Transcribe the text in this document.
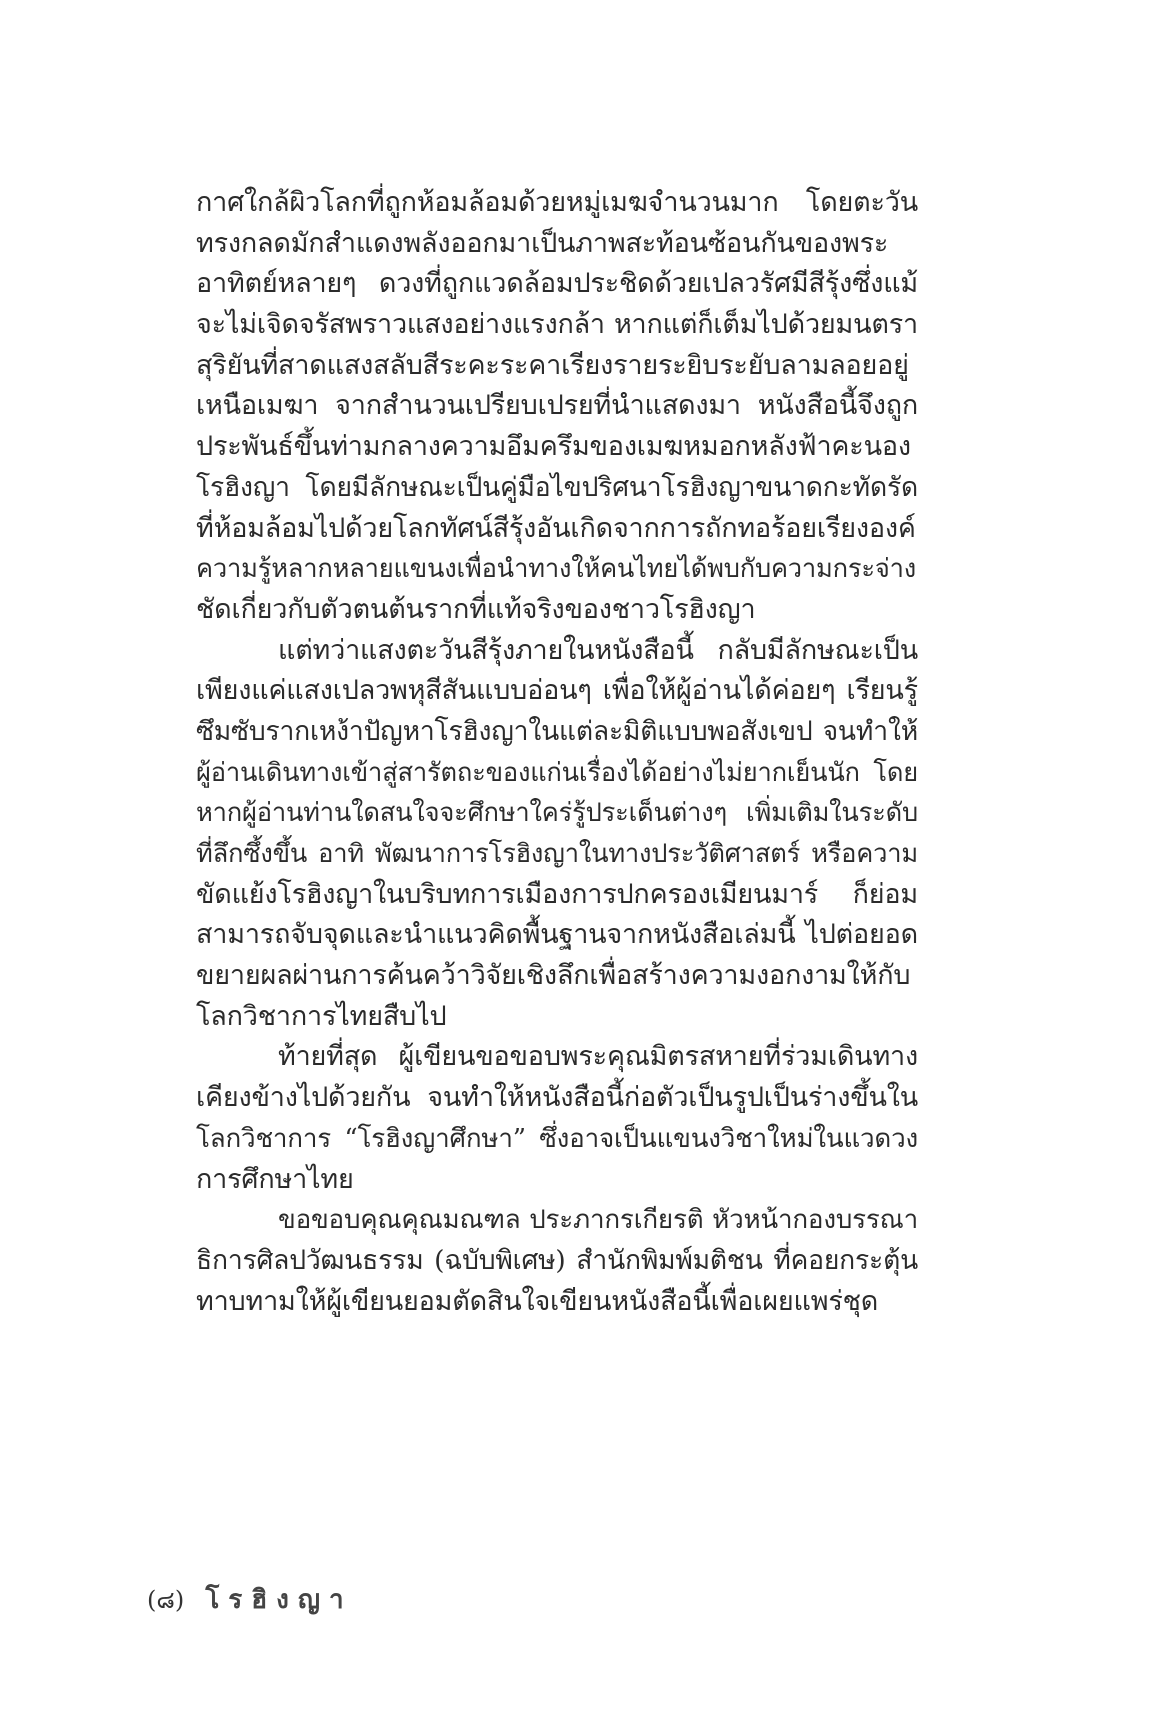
กาศใกล้ผิวโลกที่ถูกห้อมล้อมด้วยหมู่เมฆจำนวนมาก โดยตะวัน
ทรงกลดมักสำแดงพลังออกมาเป็นภาพสะท้อนซ้อนกันของพระ
อาทิตย์หลายๆ ดวงที่ถูกแวดล้อมประชิดด้วยเปลวรัศมีสีรุ้งซึ่งแม้
จะไม่เจิดจรัสพราวแสงอย่างแรงกล้า หากแต่ก็เต็มไปด้วยมนตรา
สุริยันที่สาดแสงสลับสีระคะระคาเรียงรายระยิบระยับลามลอยอยู่
เหนือเมฆา จากสำนวนเปรียบเปรยที่นำแสดงมา หนังสือนี้จึงถูก
ประพันธ์ขึ้นท่ามกลางความอึมครึมของเมฆหมอกหลังฟ้าคะนอง
โรฮิงญา โดยมีลักษณะเป็นคู่มือไขปริศนาโรฮิงญาขนาดกะทัดรัด
ที่ห้อมล้อมไปด้วยโลกทัศน์สีรุ้งอันเกิดจากการถักทอร้อยเรียงองค์
ความรู้หลากหลายแขนงเพื่อนำทางให้คนไทยได้พบกับความกระจ่าง
ชัดเกี่ยวกับตัวตนต้นรากที่แท้จริงของชาวโรฮิงญา
แต่ทว่าแสงตะวันสีรุ้งภายในหนังสือนี้ กลับมีลักษณะเป็น
เพียงแค่แสงเปลวพหุสีสันแบบอ่อนๆ เพื่อให้ผู้อ่านได้ค่อยๆ เรียนรู้
ซึมซับรากเหง้าปัญหาโรฮิงญาในแต่ละมิติแบบพอสังเขป จนทำให้
ผู้อ่านเดินทางเข้าสู่สารัตถะของแก่นเรื่องได้อย่างไม่ยากเย็นนัก โดย
หากผู้อ่านท่านใดสนใจจะศึกษาใคร่รู้ประเด็นต่างๆ เพิ่มเติมในระดับ
ที่ลึกซึ้งขึ้น อาทิ พัฒนาการโรฮิงญาในทางประวัติศาสตร์ หรือความ
ขัดแย้งโรฮิงญาในบริบทการเมืองการปกครองเมียนมาร์ ก็ย่อม
สามารถจับจุดและนำแนวคิดพื้นฐานจากหนังสือเล่มนี้ ไปต่อยอด
ขยายผลผ่านการค้นคว้าวิจัยเชิงลึกเพื่อสร้างความงอกงามให้กับ
โลกวิชาการไทยสืบไป
ท้ายที่สุด ผู้เขียนขอขอบพระคุณมิตรสหายที่ร่วมเดินทาง
เคียงข้างไปด้วยกัน จนทำให้หนังสือนี้ก่อตัวเป็นรูปเป็นร่างขึ้นใน
โลกวิชาการ “โรฮิงญาศึกษา” ซึ่งอาจเป็นแขนงวิชาใหม่ในแวดวง
การศึกษาไทย
ขอขอบคุณคุณมณฑล ประภากรเกียรติ หัวหน้ากองบรรณา
ธิการศิลปวัฒนธรรม (ฉบับพิเศษ) สำนักพิมพ์มติชน ที่คอยกระตุ้น
ทาบทามให้ผู้เขียนยอมตัดสินใจเขียนหนังสือนี้เพื่อเผยแพร่ชุด
(๘) โรฮิงญา
